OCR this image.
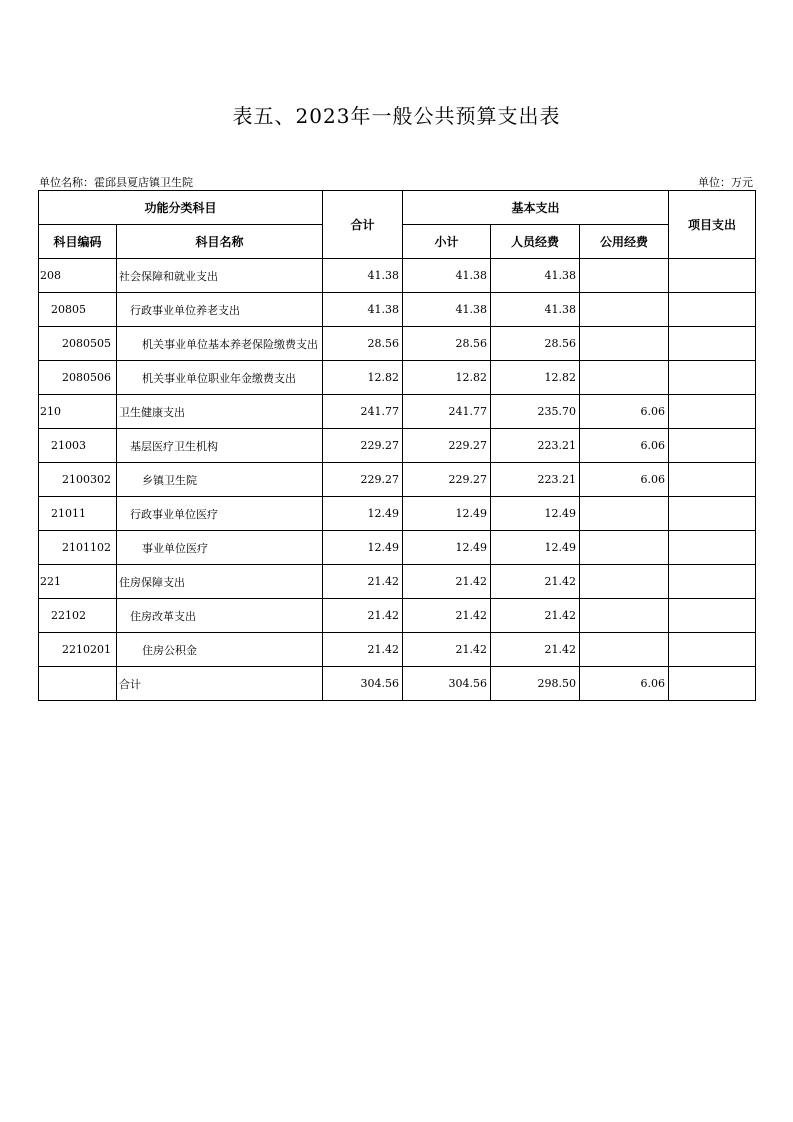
表五、2023年一般公共预算支出表
单位名称：霍邱县夏店镇卫生院	单位：万元
功能分类科目		合计	基本支出			项目支出
科目编码	科目名称		小计	人员经费	公用经费	
208	社会保障和就业支出	41.38	41.38	41.38		
20805	行政事业单位养老支出	41.38	41.38	41.38		
2080505	机关事业单位基本养老保险缴费支出	28.56	28.56	28.56		
2080506	机关事业单位职业年金缴费支出	12.82	12.82	12.82		
210	卫生健康支出	241.77	241.77	235.70	6.06	
21003	基层医疗卫生机构	229.27	229.27	223.21	6.06	
2100302	乡镇卫生院	229.27	229.27	223.21	6.06	
21011	行政事业单位医疗	12.49	12.49	12.49		
2101102	事业单位医疗	12.49	12.49	12.49		
221	住房保障支出	21.42	21.42	21.42		
22102	住房改革支出	21.42	21.42	21.42		
2210201	住房公积金	21.42	21.42	21.42		
	合计	304.56	304.56	298.50	6.06	
